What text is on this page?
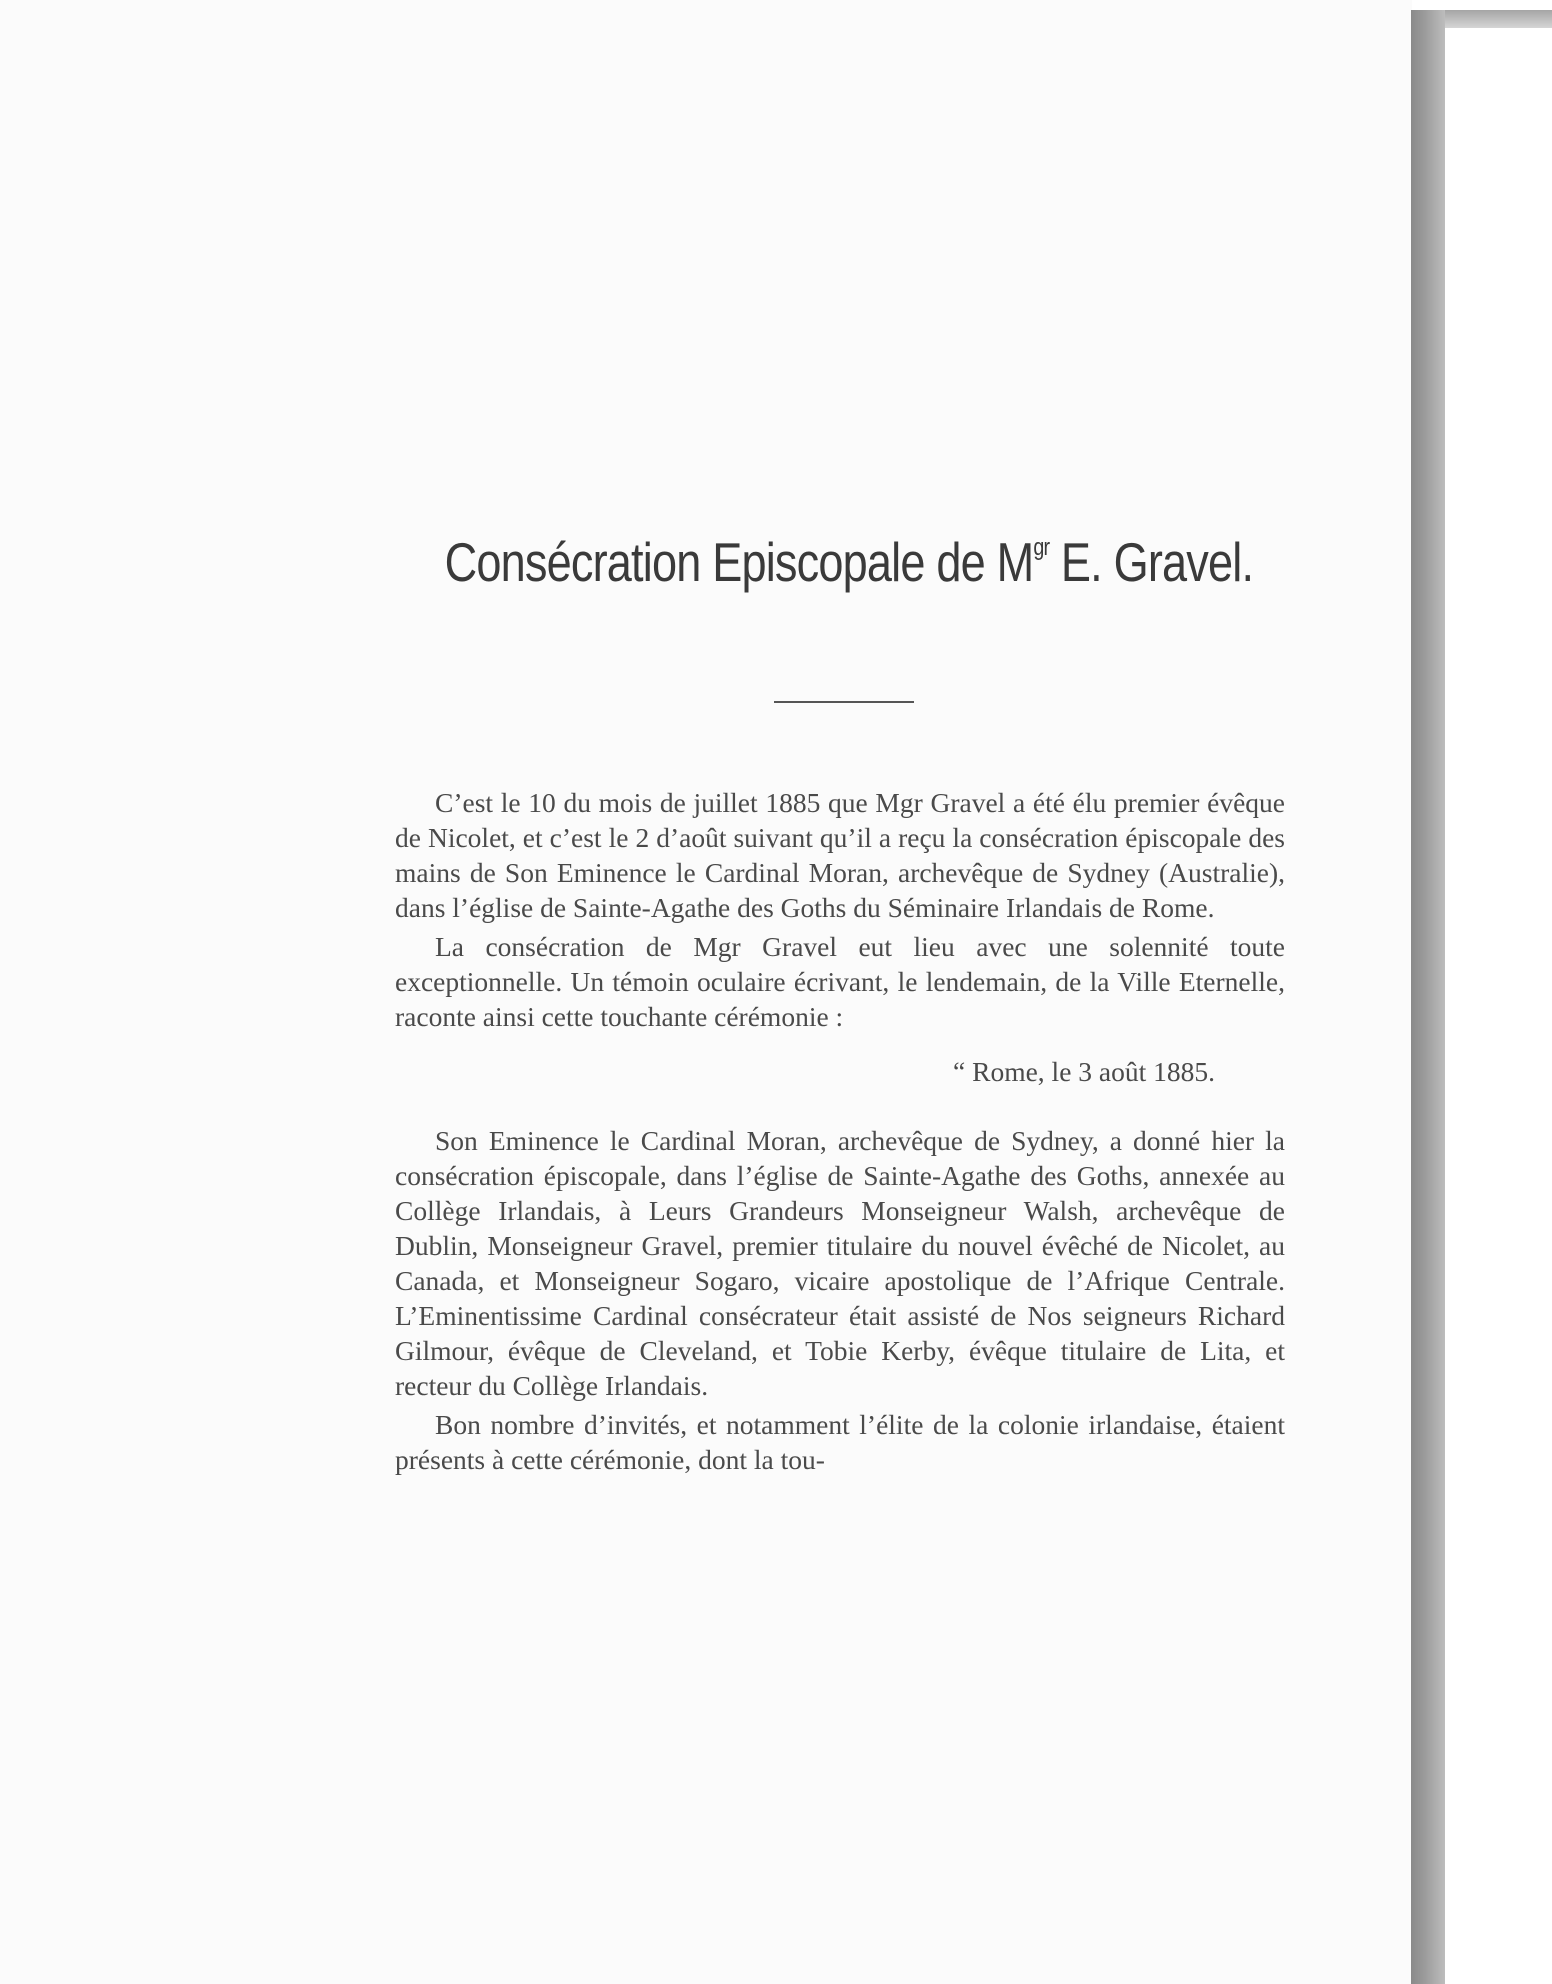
Consécration Episcopale de $M^{gr}$ E. Gravel.

C’est le 10 du mois de juillet 1885 que Mgr Gravel a été élu premier évêque de Nicolet, et c’est le 2 d’août suivant qu’il a reçu la consécration épiscopale des mains de Son Eminence le Cardinal Moran, archevêque de Sydney (Australie), dans l’église de Sainte-Agathe des Goths du Séminaire Irlandais de Rome.

La consécration de Mgr Gravel eut lieu avec une solennité toute exceptionnelle. Un témoin oculaire écrivant, le lendemain, de la Ville Eternelle, raconte ainsi cette touchante cérémonie :

“ Rome, le 3 août 1885.

Son Eminence le Cardinal Moran, archevêque de Sydney, a donné hier la consécration épiscopale, dans l’église de Sainte-Agathe des Goths, annexée au Collège Irlandais, à Leurs Grandeurs Monseigneur Walsh, archevêque de Dublin, Monseigneur Gravel, premier titulaire du nouvel évêché de Nicolet, au Canada, et Monseigneur Sogaro, vicaire apostolique de l’Afrique Centrale. L’Eminentissime Cardinal consécrateur était assisté de Nos seigneurs Richard Gilmour, évêque de Cleveland, et Tobie Kerby, évêque titulaire de Lita, et recteur du Collège Irlandais.

Bon nombre d’invités, et notamment l’élite de la colonie irlandaise, étaient présents à cette cérémonie, dont la tou-
